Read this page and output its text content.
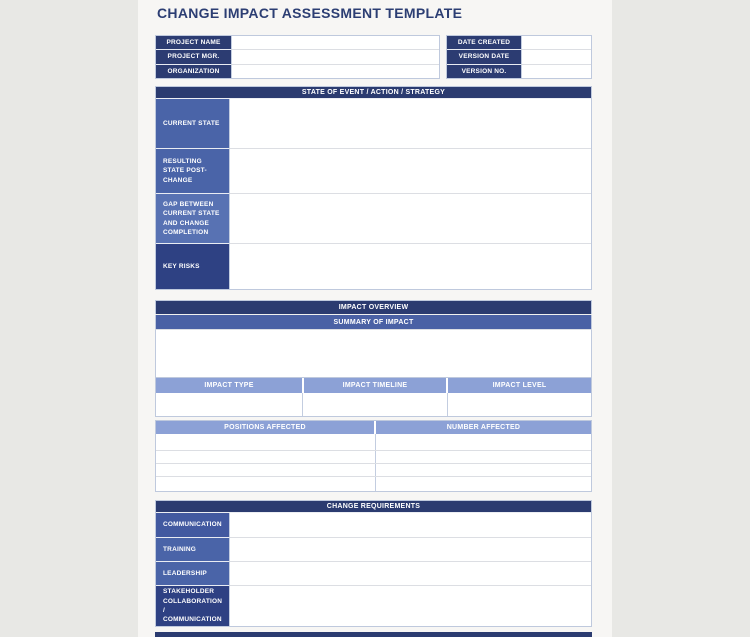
CHANGE IMPACT ASSESSMENT TEMPLATE
PROJECT NAME
PROJECT MGR.
ORGANIZATION
DATE CREATED
VERSION DATE
VERSION NO.
STATE OF EVENT / ACTION / STRATEGY
CURRENT STATE
RESULTING STATE POST-CHANGE
GAP BETWEEN CURRENT STATE AND CHANGE COMPLETION
KEY RISKS
IMPACT OVERVIEW
SUMMARY OF IMPACT
IMPACT TYPE	IMPACT TIMELINE	IMPACT LEVEL
POSITIONS AFFECTED	NUMBER AFFECTED
CHANGE REQUIREMENTS
COMMUNICATION
TRAINING
LEADERSHIP
STAKEHOLDER COLLABORATION / COMMUNICATION
